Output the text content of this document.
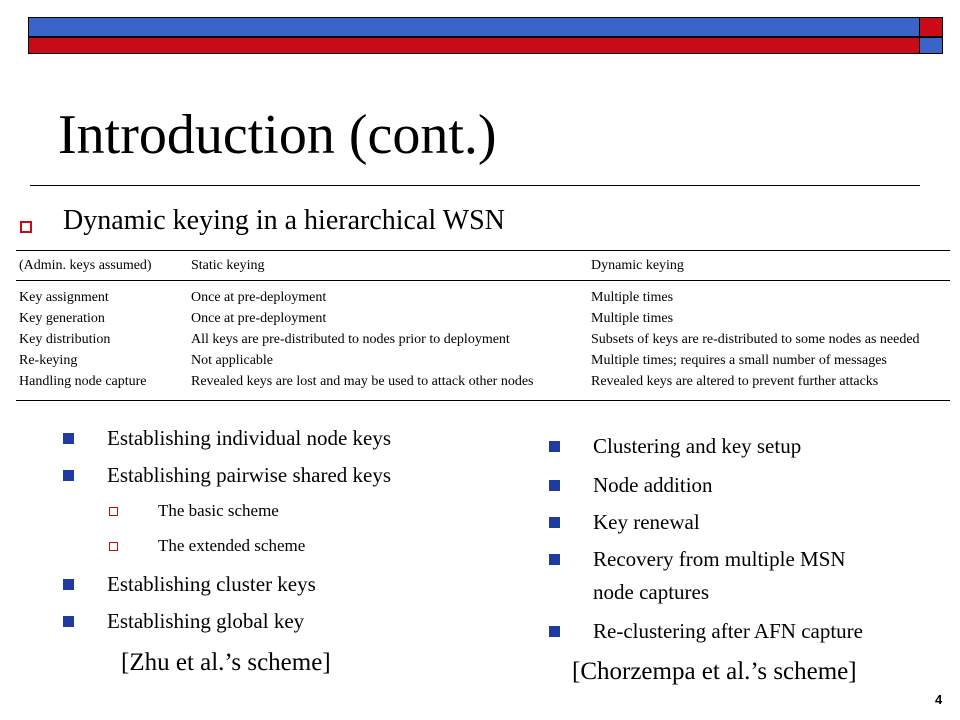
Introduction (cont.)
Dynamic keying in a hierarchical WSN
(Admin. keys assumed)	Static keying	Dynamic keying
Key assignment	Once at pre-deployment	Multiple times
Key generation	Once at pre-deployment	Multiple times
Key distribution	All keys are pre-distributed to nodes prior to deployment	Subsets of keys are re-distributed to some nodes as needed
Re-keying	Not applicable	Multiple times; requires a small number of messages
Handling node capture	Revealed keys are lost and may be used to attack other nodes	Revealed keys are altered to prevent further attacks
Establishing individual node keys
Establishing pairwise shared keys
The basic scheme
The extended scheme
Establishing cluster keys
Establishing global key
[Zhu et al.’s scheme]
Clustering and key setup
Node addition
Key renewal
Recovery from multiple MSN
node captures
Re-clustering after AFN capture
[Chorzempa et al.’s scheme]
4
